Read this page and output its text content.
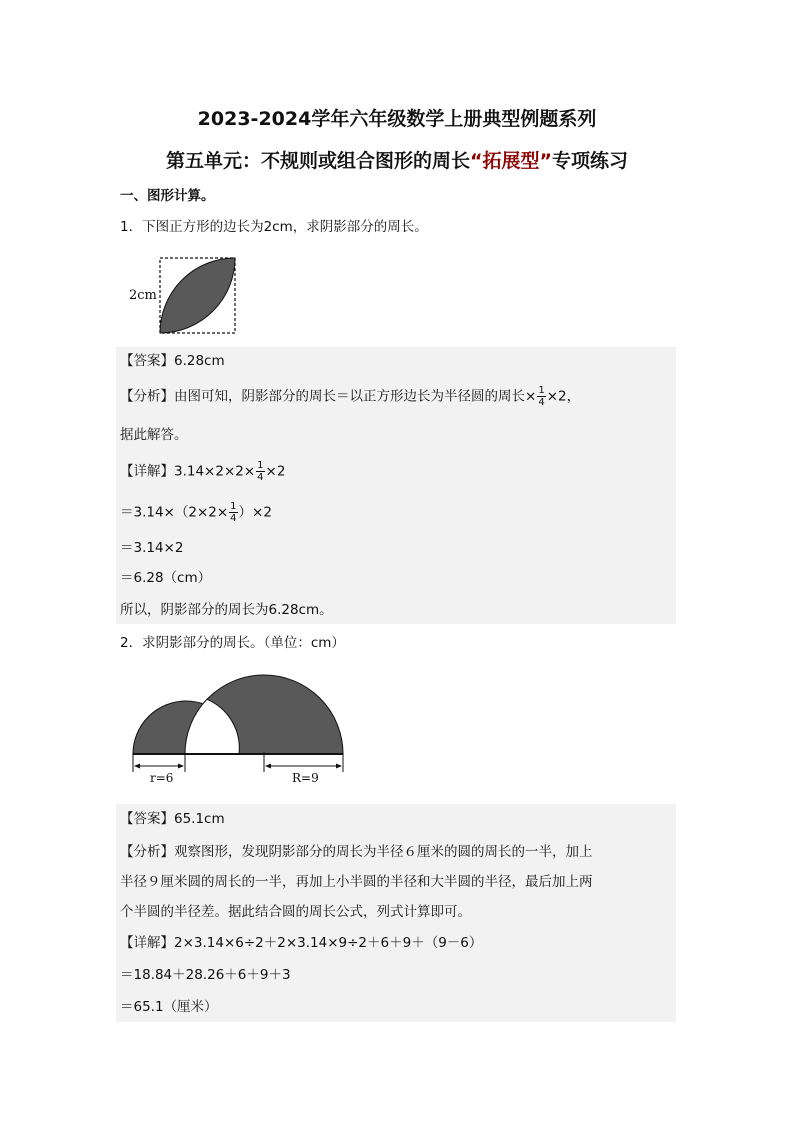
2023-2024学年六年级数学上册典型例题系列
第五单元：不规则或组合图形的周长“拓展型”专项练习
一、图形计算。
1．下图正方形的边长为2cm，求阴影部分的周长。
2cm
【答案】6.28cm
【分析】由图可知，阴影部分的周长＝以正方形边长为半径圆的周长× $\frac{1}{4} \times 2$，
据此解答。
【详解】$3.14\times 2\times 2\times \frac{1}{4} \times 2$
$=3.14\times(2\times 2\times \frac{1}{4} )\times 2$
＝3.14×2
＝6.28（cm）
所以，阴影部分的周长为6.28cm。
2．求阴影部分的周长。（单位：cm）
r=6	R=9
【答案】65.1cm
【分析】观察图形，发现阴影部分的周长为半径６厘米的圆的周长的一半，加上
半径９厘米圆的周长的一半，再加上小半圆的半径和大半圆的半径，最后加上两
个半圆的半径差。据此结合圆的周长公式，列式计算即可。
【详解】2×3.14×6÷2＋2×3.14×9÷2＋6＋9＋（9－6）
＝18.84＋28.26＋6＋9＋3
＝65.1（厘米）
